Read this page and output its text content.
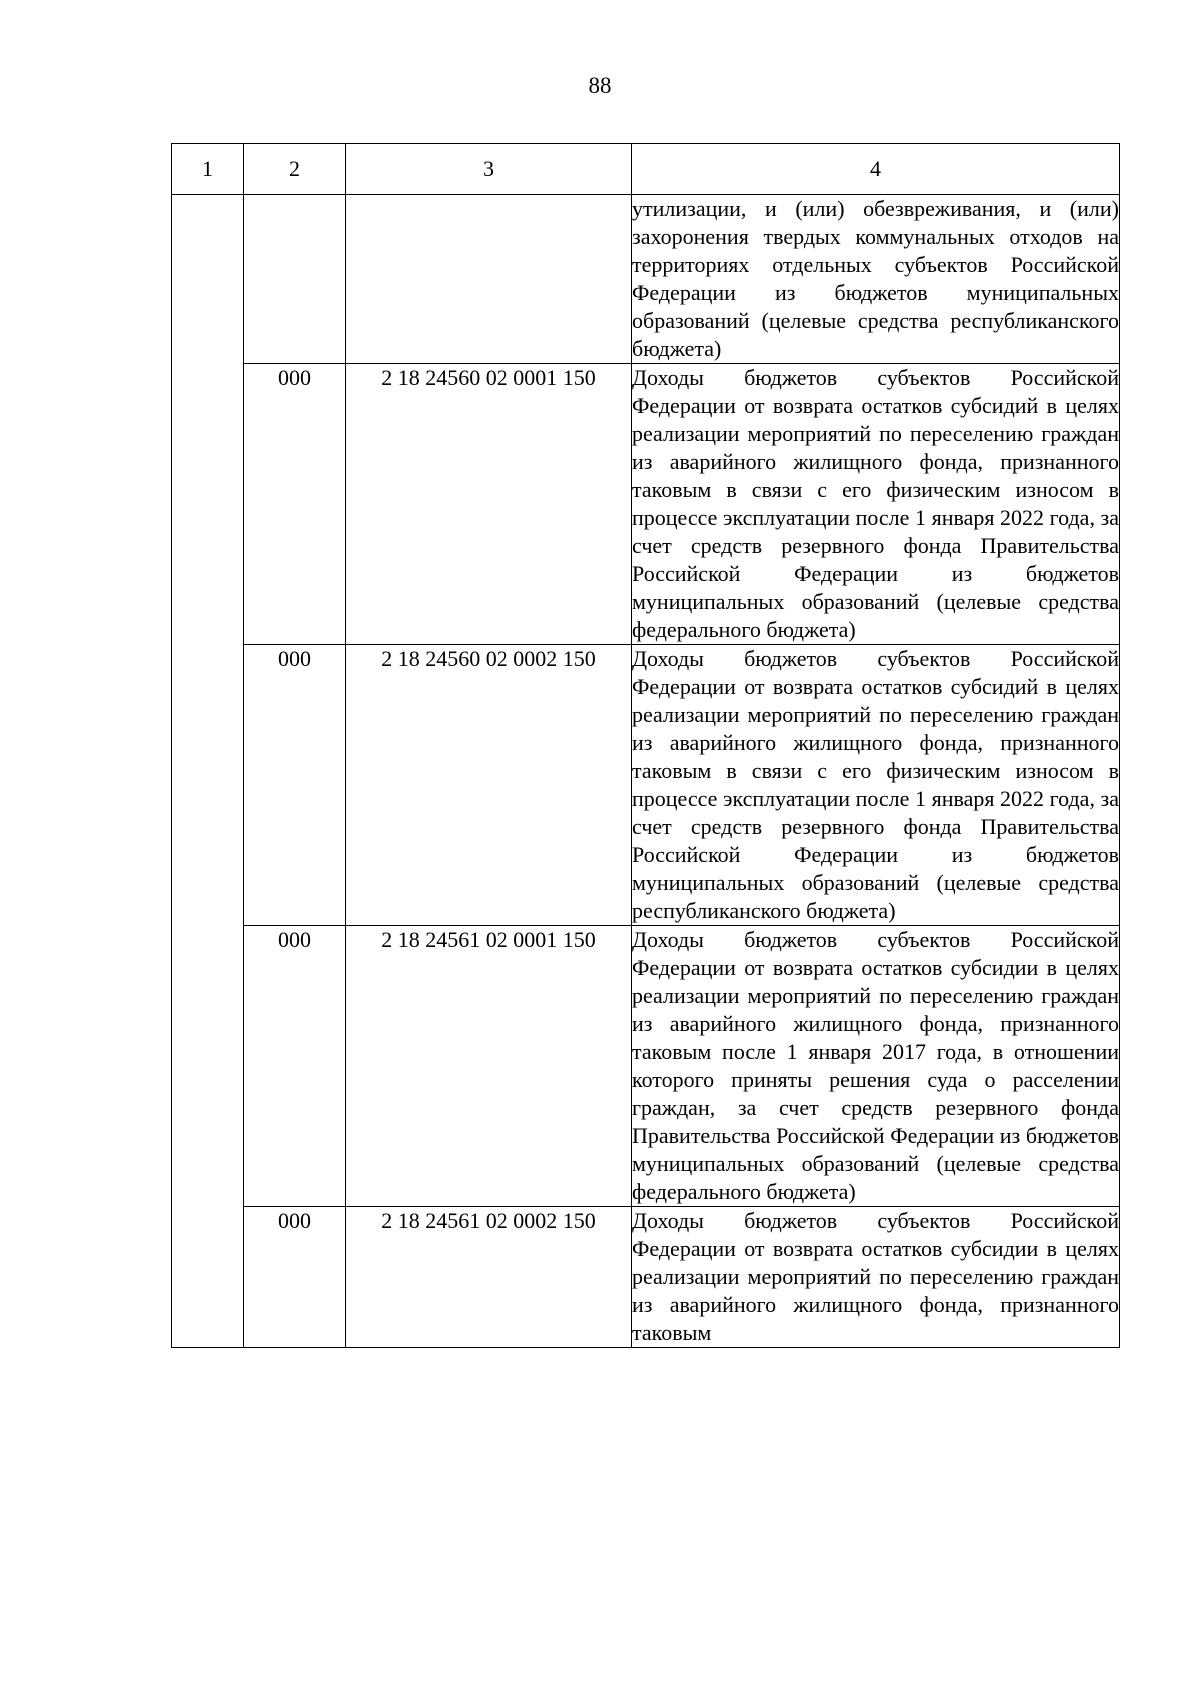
88
1	2	3	4
			утилизации, и (или) обезвреживания, и (или) захоронения твердых коммунальных отходов на территориях отдельных субъектов Российской Федерации из бюджетов муниципальных образований (целевые средства республиканского бюджета)
	000	2 18 24560 02 0001 150	Доходы бюджетов субъектов Российской Федерации от возврата остатков субсидий в целях реализации мероприятий по переселению граждан из аварийного жилищного фонда, признанного таковым в связи с его физическим износом в процессе эксплуатации после 1 января 2022 года, за счет средств резервного фонда Правительства Российской Федерации из бюджетов муниципальных образований (целевые средства федерального бюджета)
	000	2 18 24560 02 0002 150	Доходы бюджетов субъектов Российской Федерации от возврата остатков субсидий в целях реализации мероприятий по переселению граждан из аварийного жилищного фонда, признанного таковым в связи с его физическим износом в процессе эксплуатации после 1 января 2022 года, за счет средств резервного фонда Правительства Российской Федерации из бюджетов муниципальных образований (целевые средства республиканского бюджета)
	000	2 18 24561 02 0001 150	Доходы бюджетов субъектов Российской Федерации от возврата остатков субсидии в целях реализации мероприятий по переселению граждан из аварийного жилищного фонда, признанного таковым после 1 января 2017 года, в отношении которого приняты решения суда о расселении граждан, за счет средств резервного фонда Правительства Российской Федерации из бюджетов муниципальных образований (целевые средства федерального бюджета)
	000	2 18 24561 02 0002 150	Доходы бюджетов субъектов Российской Федерации от возврата остатков субсидии в целях реализации мероприятий по переселению граждан из аварийного жилищного фонда, признанного таковым
